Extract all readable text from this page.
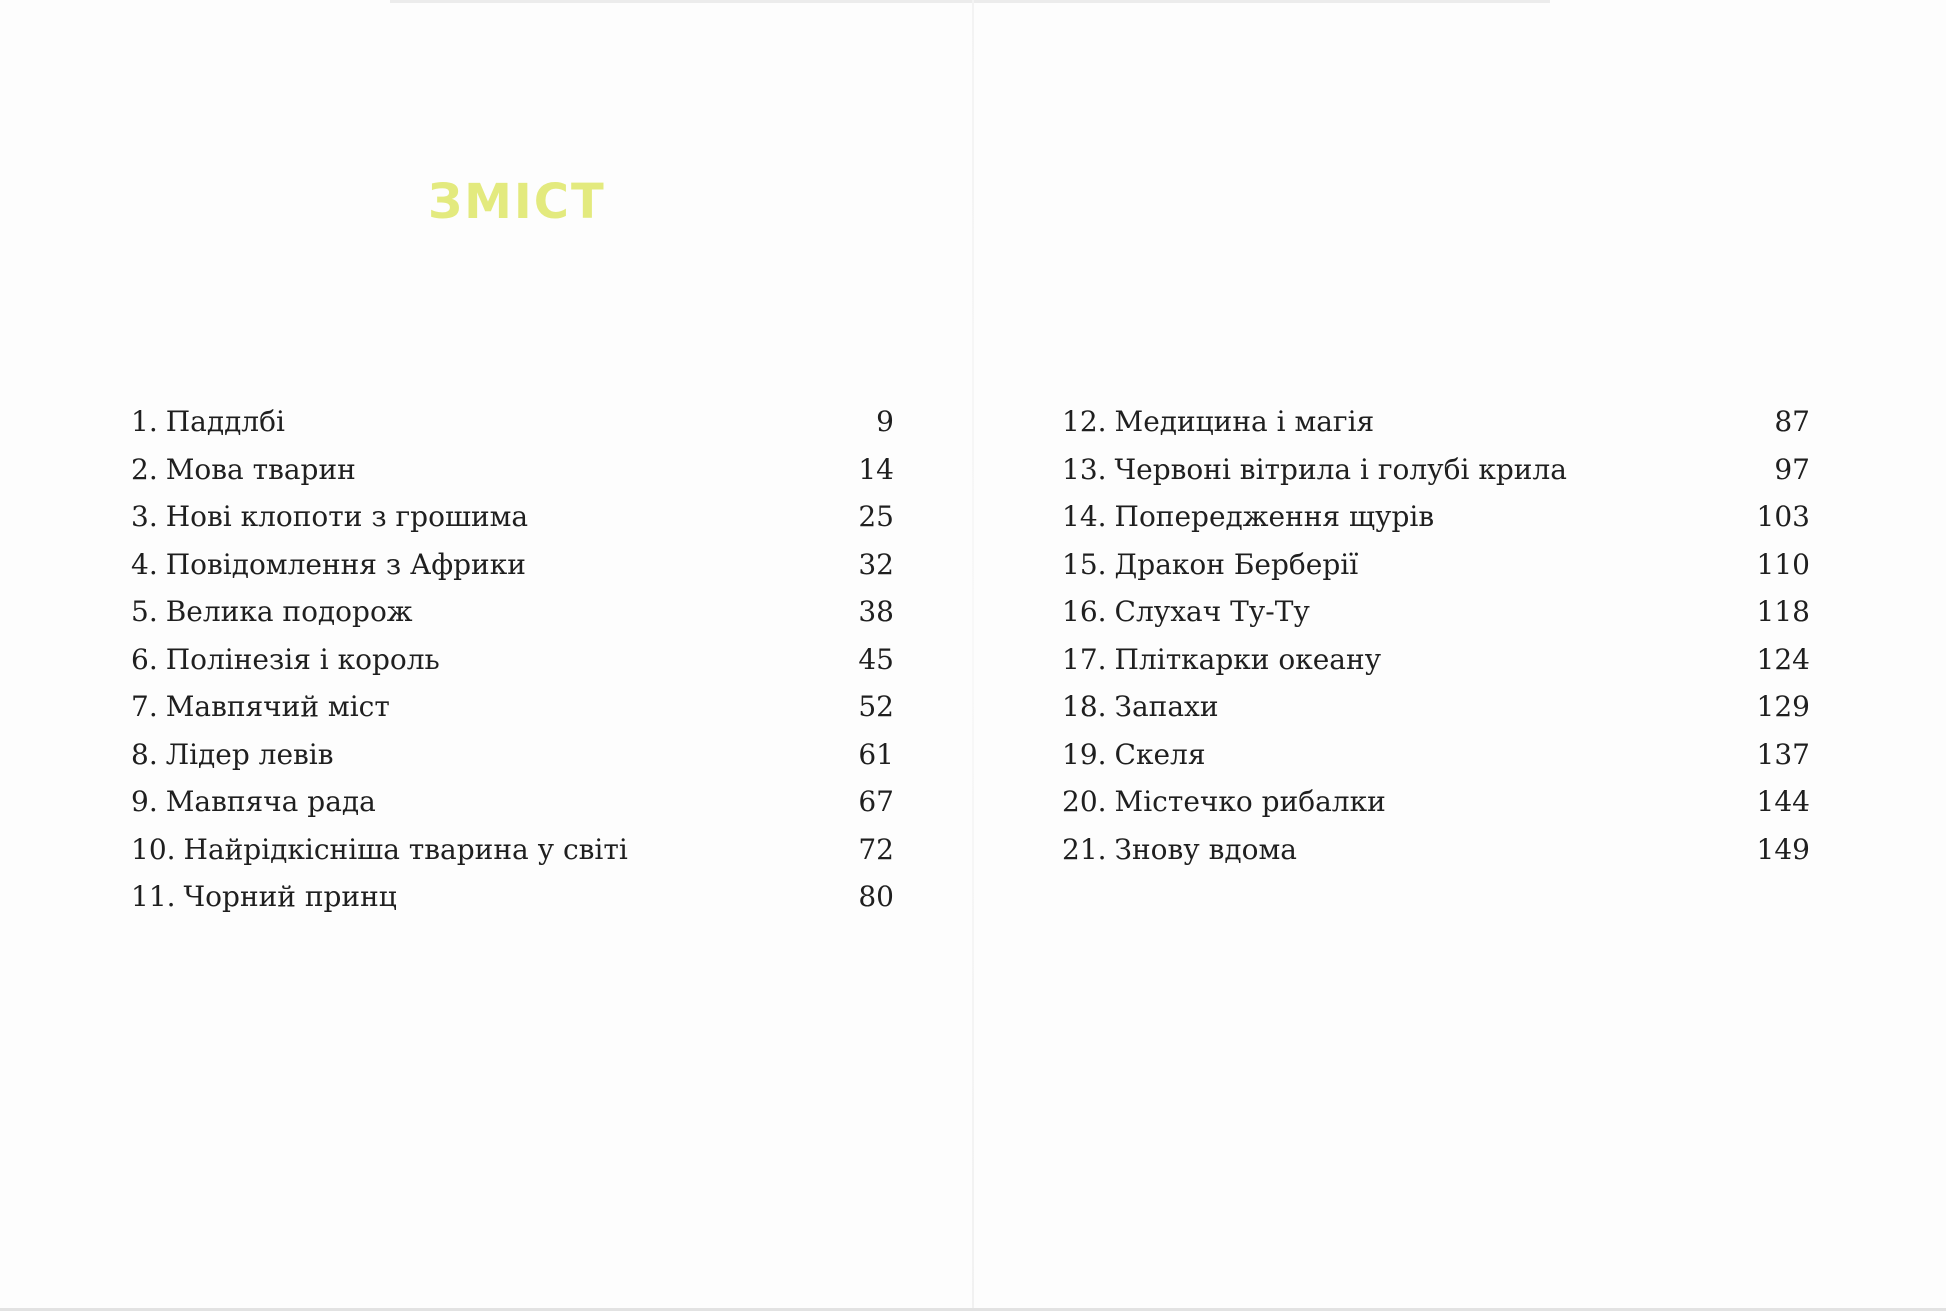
ЗМІСТ
1. Паддлбі	9
2. Мова тварин	14
3. Нові клопоти з грошима	25
4. Повідомлення з Африки	32
5. Велика подорож	38
6. Полінезія і король	45
7. Мавпячий міст	52
8. Лідер левів	61
9. Мавпяча рада	67
10. Найрідкісніша тварина у світі	72
11. Чорний принц	80
12. Медицина і магія	87
13. Червоні вітрила і голубі крила	97
14. Попередження щурів	103
15. Дракон Берберії	110
16. Слухач Ту-Ту	118
17. Пліткарки океану	124
18. Запахи	129
19. Скеля	137
20. Містечко рибалки	144
21. Знову вдома	149
